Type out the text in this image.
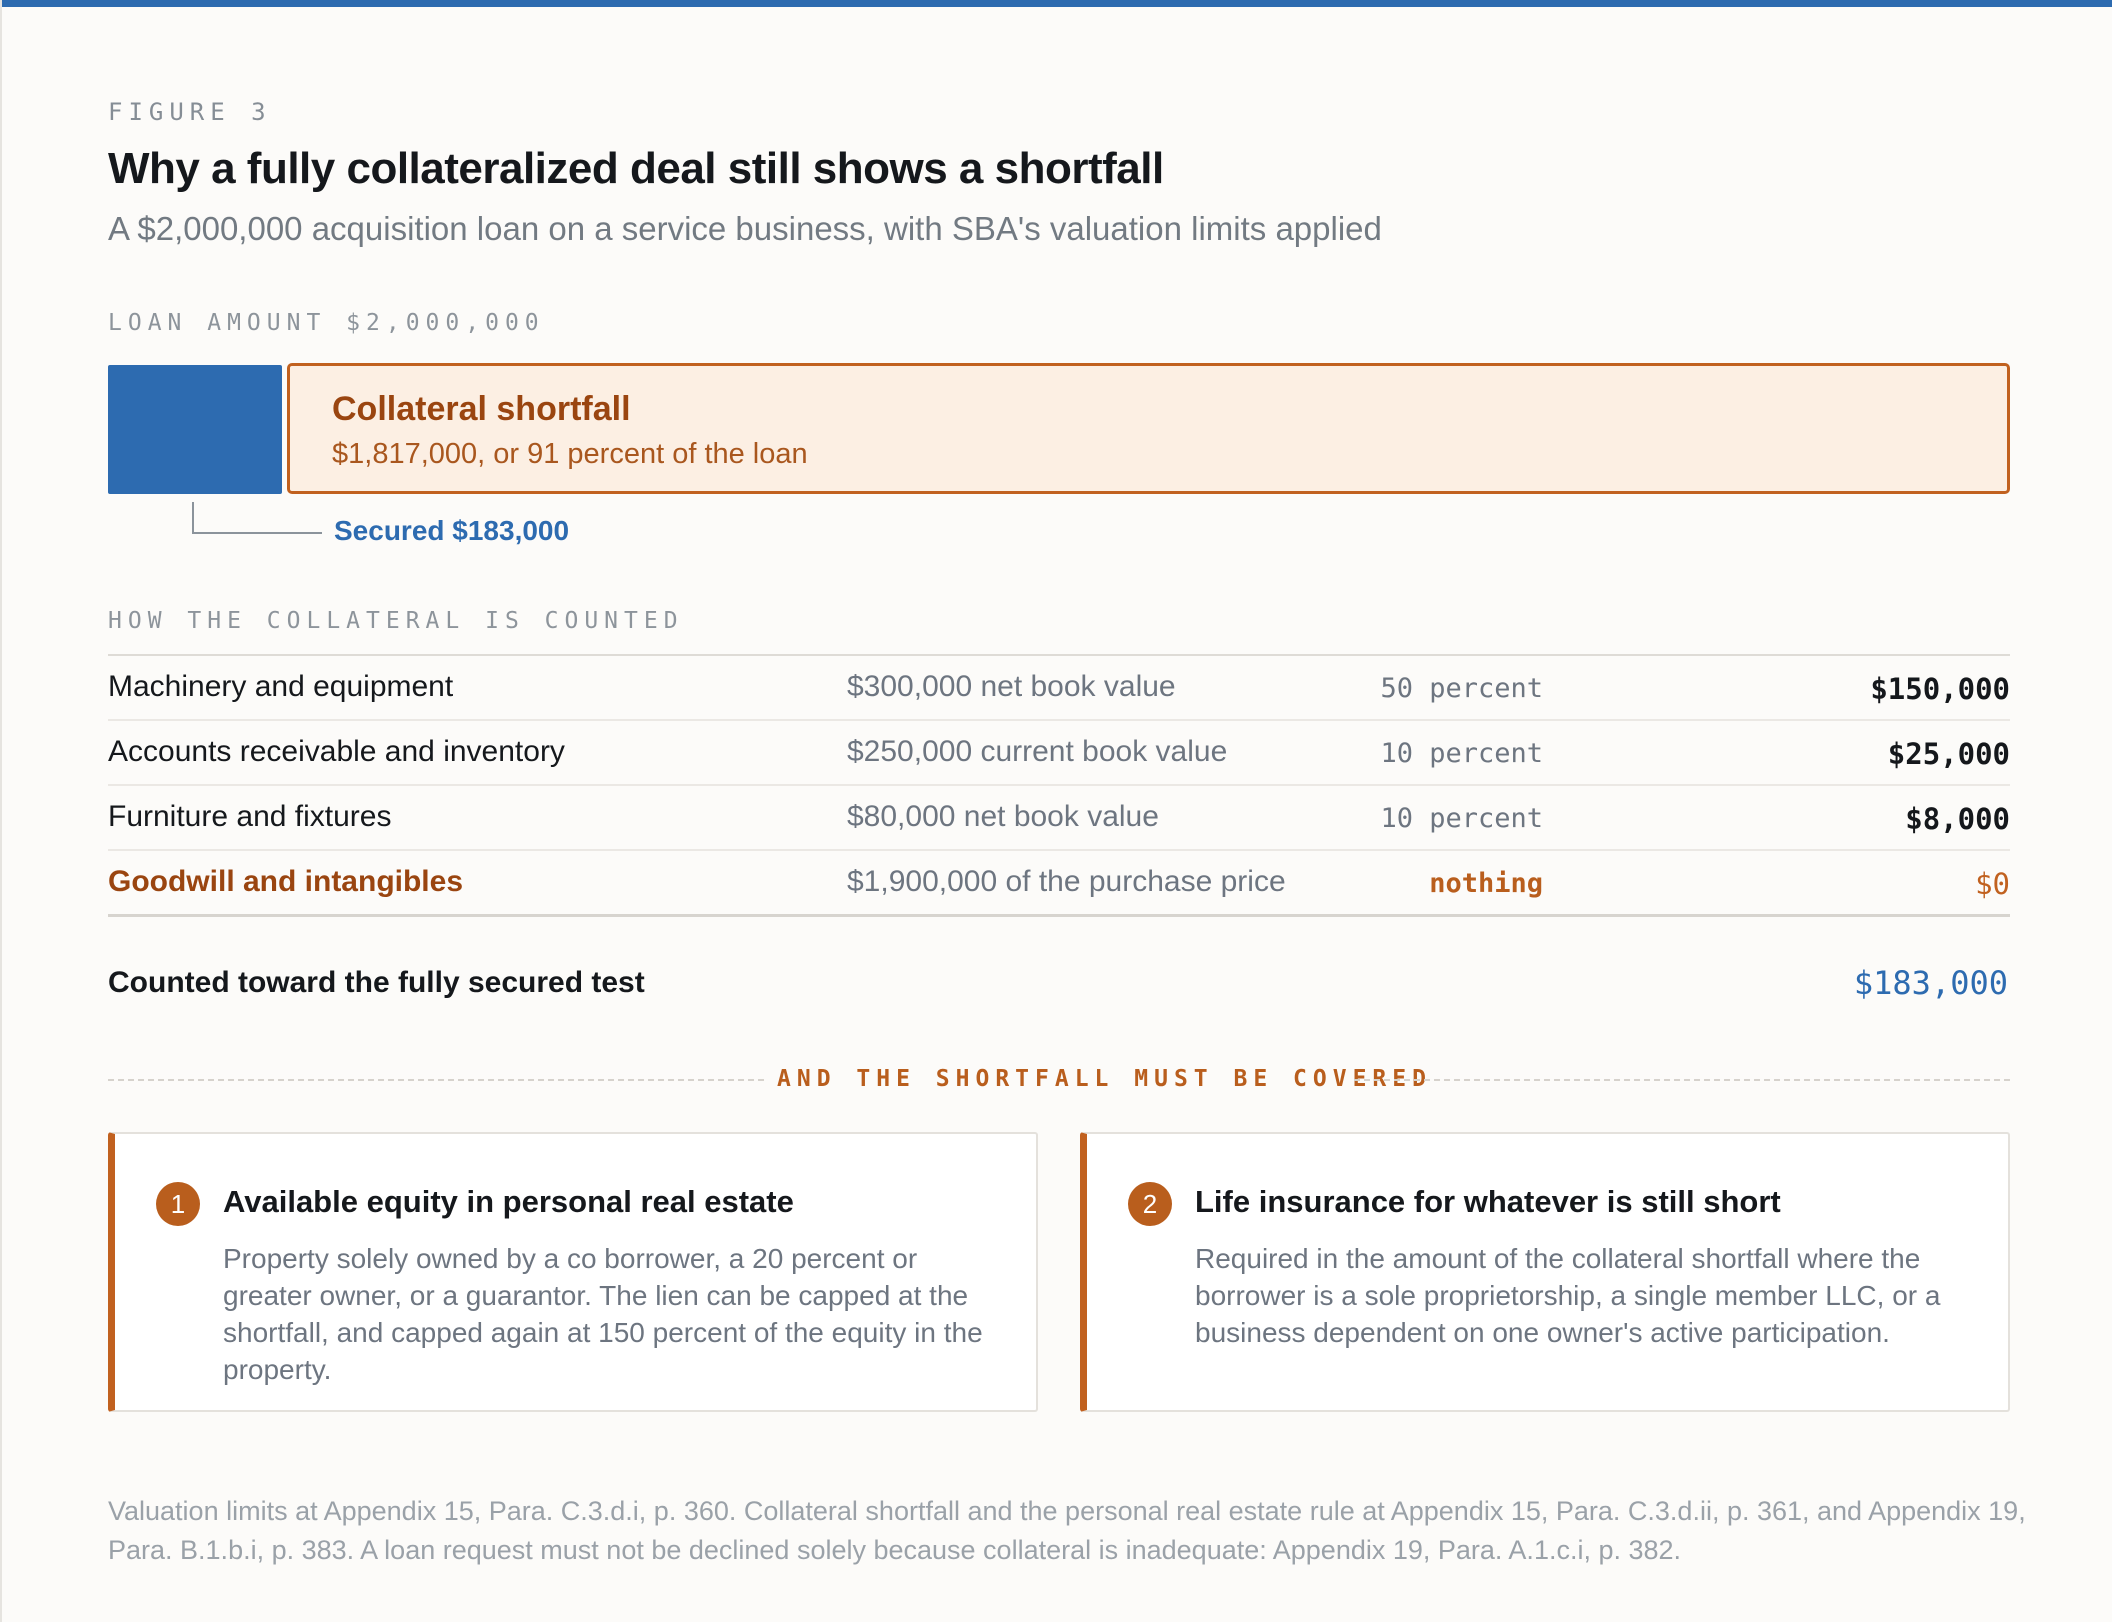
FIGURE 3
Why a fully collateralized deal still shows a shortfall
A $2,000,000 acquisition loan on a service business, with SBA's valuation limits applied
LOAN AMOUNT $2,000,000
Collateral shortfall
$1,817,000, or 91 percent of the loan
Secured $183,000
HOW THE COLLATERAL IS COUNTED
Machinery and equipment	$300,000 net book value	50 percent	$150,000
Accounts receivable and inventory	$250,000 current book value	10 percent	$25,000
Furniture and fixtures	$80,000 net book value	10 percent	$8,000
Goodwill and intangibles	$1,900,000 of the purchase price	nothing	$0
Counted toward the fully secured test	$183,000
AND THE SHORTFALL MUST BE COVERED
1	Available equity in personal real estate
Property solely owned by a co borrower, a 20 percent or greater owner, or a guarantor. The lien can be capped at the shortfall, and capped again at 150 percent of the equity in the property.
2	Life insurance for whatever is still short
Required in the amount of the collateral shortfall where the borrower is a sole proprietorship, a single member LLC, or a business dependent on one owner's active participation.
Valuation limits at Appendix 15, Para. C.3.d.i, p. 360. Collateral shortfall and the personal real estate rule at Appendix 15, Para. C.3.d.ii, p. 361, and Appendix 19,
Para. B.1.b.i, p. 383. A loan request must not be declined solely because collateral is inadequate: Appendix 19, Para. A.1.c.i, p. 382.
